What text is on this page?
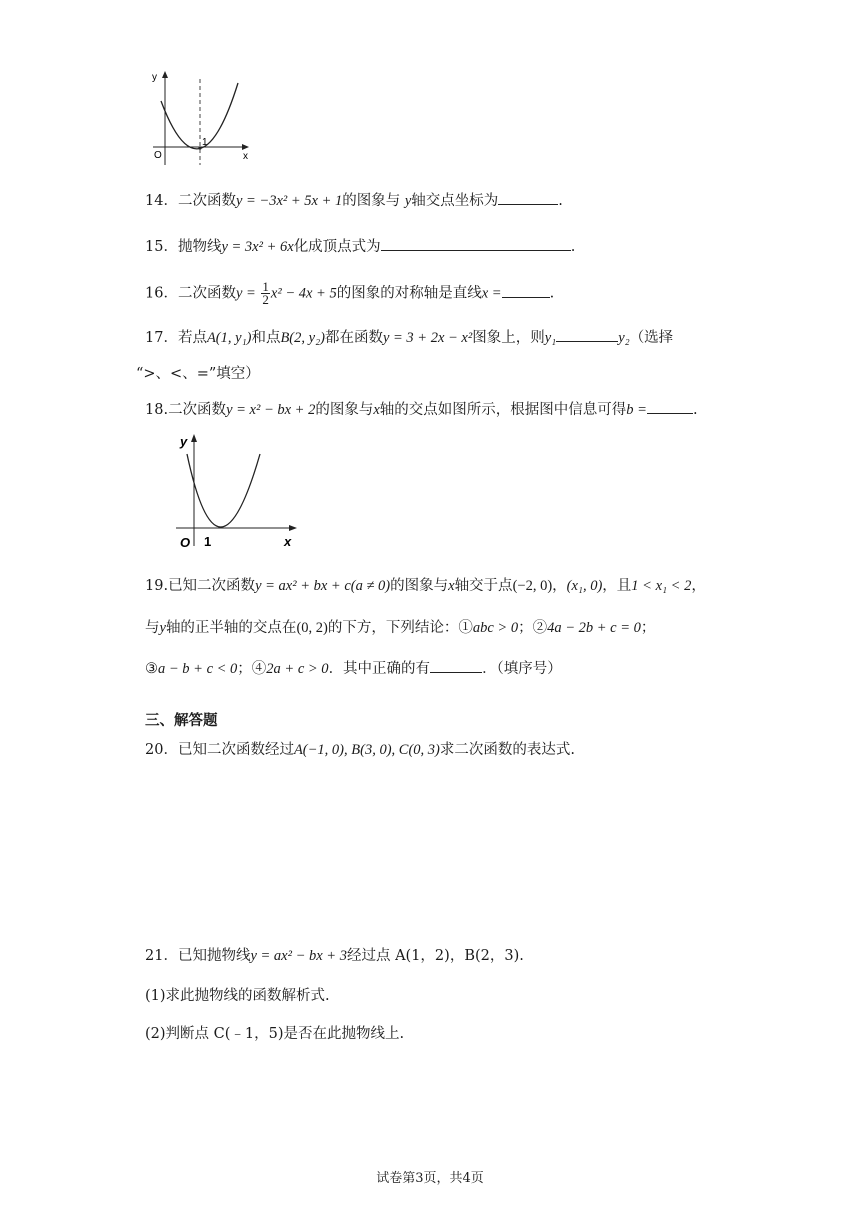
y
x
O
1
14．二次函数y = −3x² + 5x + 1的图象与 y轴交点坐标为	.
15．抛物线y = 3x² + 6x化成顶点式为	.
16．二次函数$y = \frac{1}{2} x^2 - 4x + 5$的图象的对称轴是直线x =	.
17．若点A(1, y₁)和点B(2, y₂)都在函数y = 3 + 2x − x²图象上，则y₁	y₂（选择
“>、<、=”填空）
18.二次函数y = x² − bx + 2的图象与x轴的交点如图所示，根据图中信息可得b =	.
y
x
O 1
19.已知二次函数y = ax² + bx + c(a ≠ 0)的图象与x轴交于点(−2, 0)，(x₁, 0)，且1 < x₁ < 2，
与y轴的正半轴的交点在(0, 2)的下方，下列结论：①abc > 0；②4a − 2b + c = 0；
③a − b + c < 0；④2a + c > 0．其中正确的有	．（填序号）
三、解答题
20．已知二次函数经过A(−1, 0), B(3, 0), C(0, 3)求二次函数的表达式.
21．已知抛物线y = ax² − bx + 3经过点 A(1，2)，B(2，3).
(1)求此抛物线的函数解析式.
(2)判断点 C(﹣1，5)是否在此抛物线上.
试卷第3页，共4页
